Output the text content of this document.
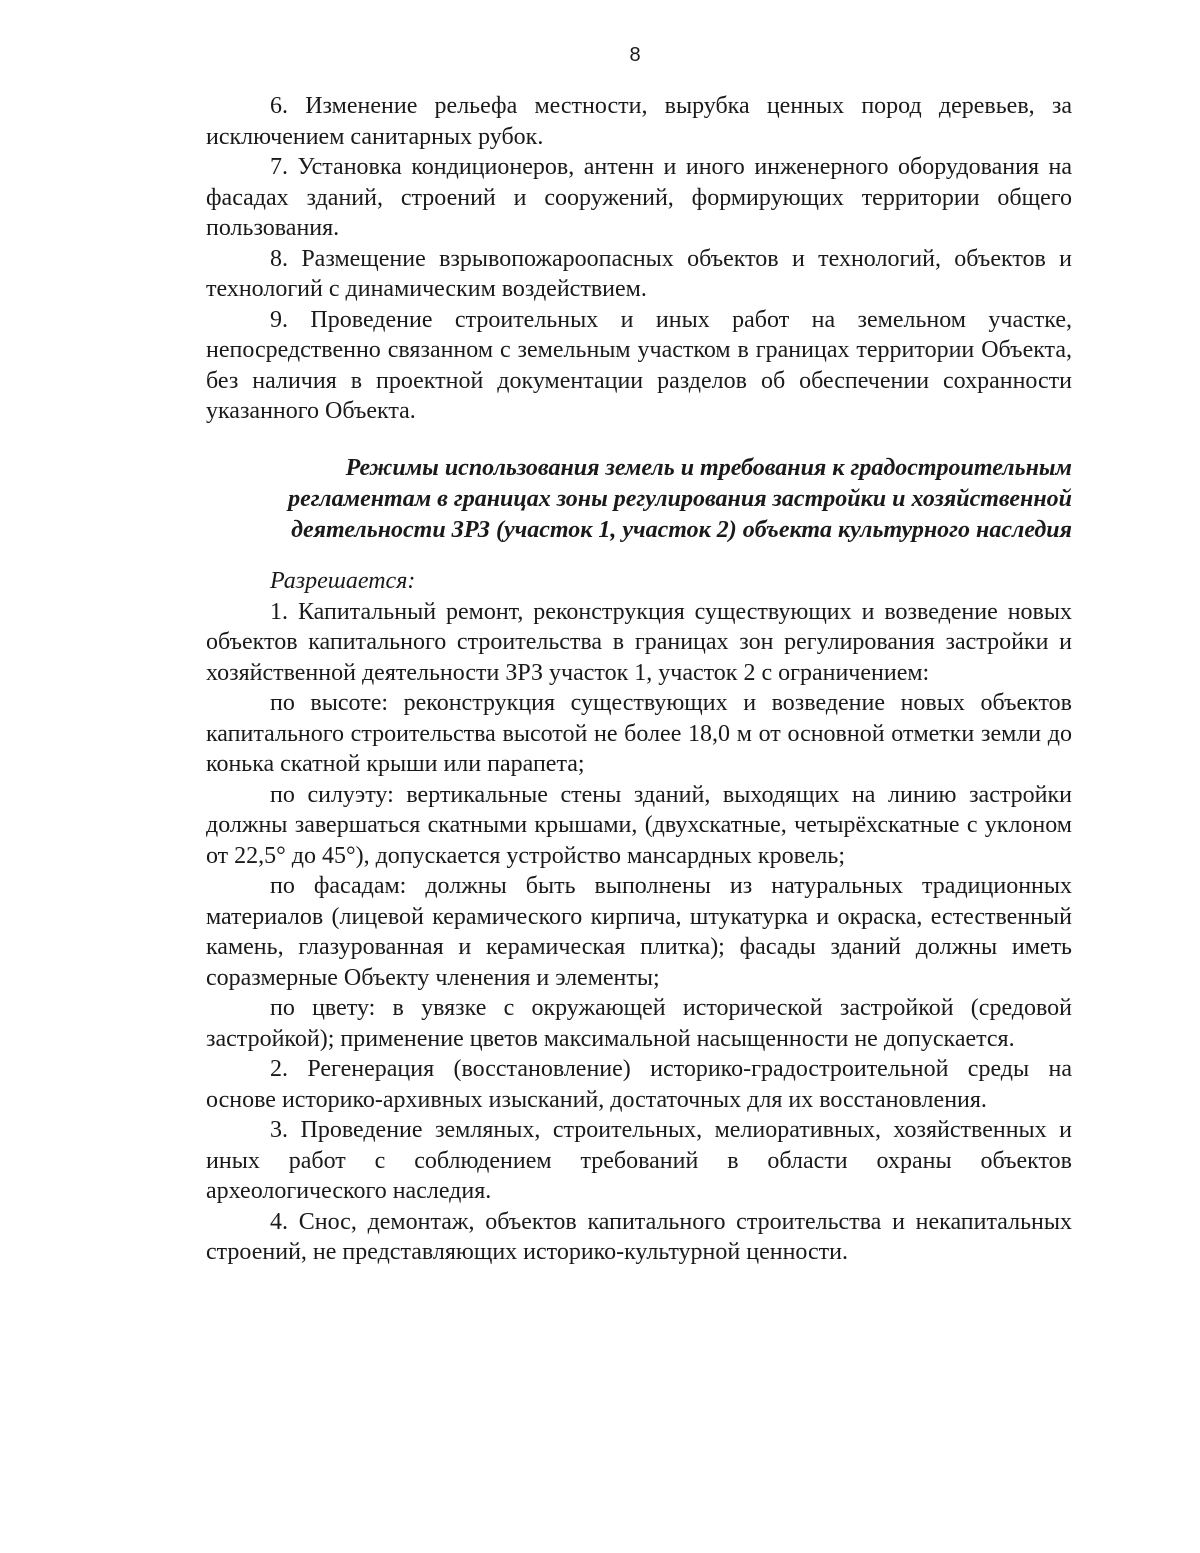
8

6. Изменение рельефа местности, вырубка ценных пород деревьев, за исключением санитарных рубок.

7. Установка кондиционеров, антенн и иного инженерного оборудования на фасадах зданий, строений и сооружений, формирующих территории общего пользования.

8. Размещение взрывопожароопасных объектов и технологий, объектов и технологий с динамическим воздействием.

9. Проведение строительных и иных работ на земельном участке, непосредственно связанном с земельным участком в границах территории Объекта, без наличия в проектной документации разделов об обеспечении сохранности указанного Объекта.

Режимы использования земель и требования к градостроительным
регламентам в границах зоны регулирования застройки и хозяйственной
деятельности ЗРЗ (участок 1, участок 2) объекта культурного наследия

Разрешается:

1. Капитальный ремонт, реконструкция существующих и возведение новых объектов капитального строительства в границах зон регулирования застройки и хозяйственной деятельности ЗРЗ участок 1, участок 2 с ограничением:

по высоте: реконструкция существующих и возведение новых объектов капитального строительства высотой не более 18,0 м от основной отметки земли до конька скатной крыши или парапета;

по силуэту: вертикальные стены зданий, выходящих на линию застройки должны завершаться скатными крышами, (двухскатные, четырёхскатные с уклоном от 22,5° до 45°), допускается устройство мансардных кровель;

по фасадам: должны быть выполнены из натуральных традиционных материалов (лицевой керамического кирпича, штукатурка и окраска, естественный камень, глазурованная и керамическая плитка); фасады зданий должны иметь соразмерные Объекту членения и элементы;

по цвету: в увязке с окружающей исторической застройкой (средовой застройкой); применение цветов максимальной насыщенности не допускается.

2. Регенерация (восстановление) историко-градостроительной среды на основе историко-архивных изысканий, достаточных для их восстановления.

3. Проведение земляных, строительных, мелиоративных, хозяйственных и иных работ с соблюдением требований в области охраны объектов археологического наследия.

4. Снос, демонтаж, объектов капитального строительства и некапитальных строений, не представляющих историко-культурной ценности.
